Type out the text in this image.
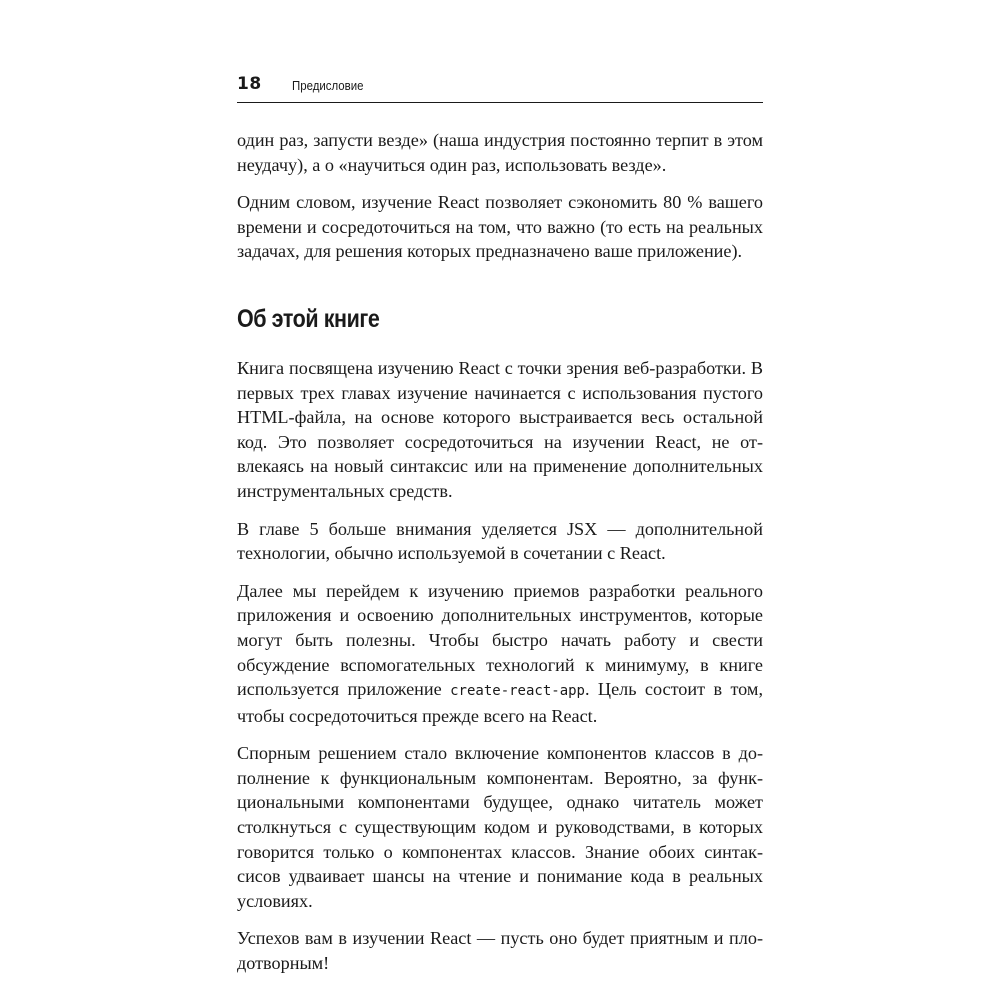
18 Предисловие

один раз, запусти везде» (наша индустрия постоянно терпит в этом неудачу), а о «научиться один раз, использовать везде».

Одним словом, изучение React позволяет сэкономить 80 % вашего времени и сосредоточиться на том, что важно (то есть на реальных задачах, для решения которых предназначено ваше приложение).

Об этой книге

Книга посвящена изучению React с точки зрения веб-разработки. В первых трех главах изучение начинается с использования пустого HTML-файла, на основе которого выстраивается весь остальной код. Это позволяет сосредоточиться на изучении React, не отвлекаясь на новый синтаксис или на применение дополнительных инструментальных средств.

В главе 5 больше внимания уделяется JSX — дополнительной технологии, обычно используемой в сочетании с React.

Далее мы перейдем к изучению приемов разработки реального приложения и освоению дополнительных инструментов, которые могут быть полезны. Чтобы быстро начать работу и свести обсуждение вспомогательных технологий к минимуму, в книге используется приложение create-react-app. Цель состоит в том, чтобы сосредоточиться прежде всего на React.

Спорным решением стало включение компонентов классов в дополнение к функциональным компонентам. Вероятно, за функциональными компонентами будущее, однако читатель может столкнуться с существующим кодом и руководствами, в которых говорится только о компонентах классов. Знание обоих синтаксисов удваивает шансы на чтение и понимание кода в реальных условиях.

Успехов вам в изучении React — пусть оно будет приятным и плодотворным!
